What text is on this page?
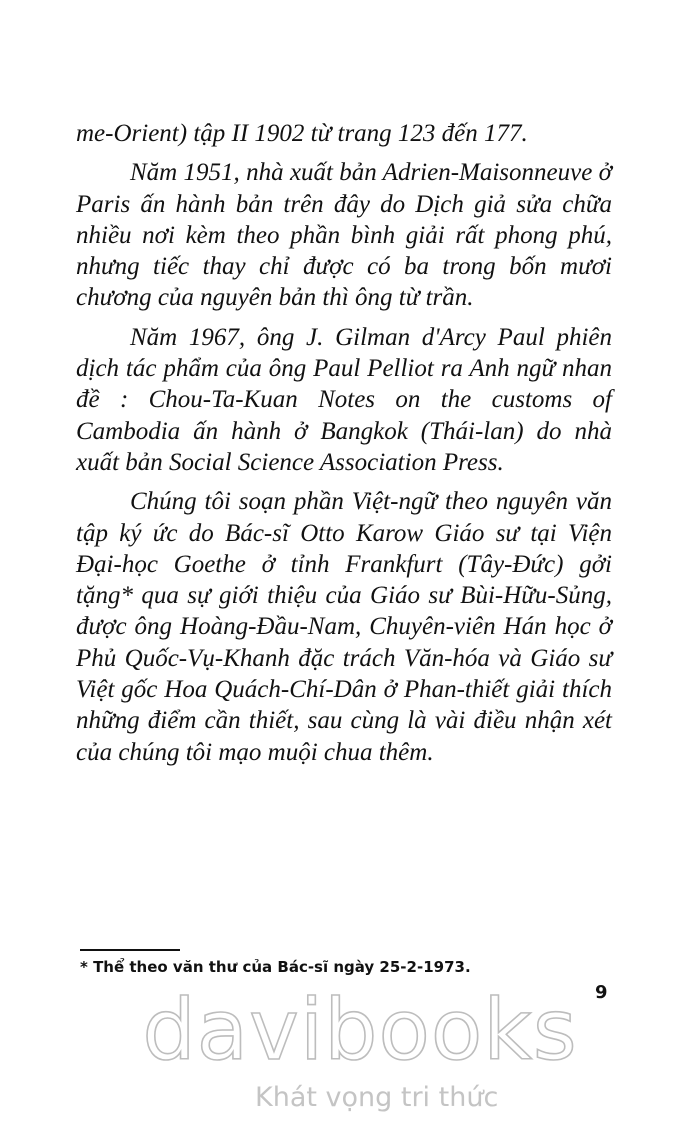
me-Orient) tập II 1902 từ trang 123 đến 177.

Năm 1951, nhà xuất bản Adrien-Maisonneuve ở Paris ấn hành bản trên đây do Dịch giả sửa chữa nhiều nơi kèm theo phần bình giải rất phong phú, nhưng tiếc thay chỉ được có ba trong bốn mươi chương của nguyên bản thì ông từ trần.

Năm 1967, ông J. Gilman d'Arcy Paul phiên dịch tác phẩm của ông Paul Pelliot ra Anh ngữ nhan đề : Chou-Ta-Kuan Notes on the customs of Cambodia ấn hành ở Bangkok (Thái-lan) do nhà xuất bản Social Science Association Press.

Chúng tôi soạn phần Việt-ngữ theo nguyên văn tập ký ức do Bác-sĩ Otto Karow Giáo sư tại Viện Đại-học Goethe ở tỉnh Frankfurt (Tây-Đức) gởi tặng* qua sự giới thiệu của Giáo sư Bùi-Hữu-Sủng, được ông Hoàng-Đầu-Nam, Chuyên-viên Hán học ở Phủ Quốc-Vụ-Khanh đặc trách Văn-hóa và Giáo sư Việt gốc Hoa Quách-Chí-Dân ở Phan-thiết giải thích những điểm cần thiết, sau cùng là vài điều nhận xét của chúng tôi mạo muội chua thêm.

* Thể theo văn thư của Bác-sĩ ngày 25-2-1973.
9
davibooks
Khát vọng tri thức
